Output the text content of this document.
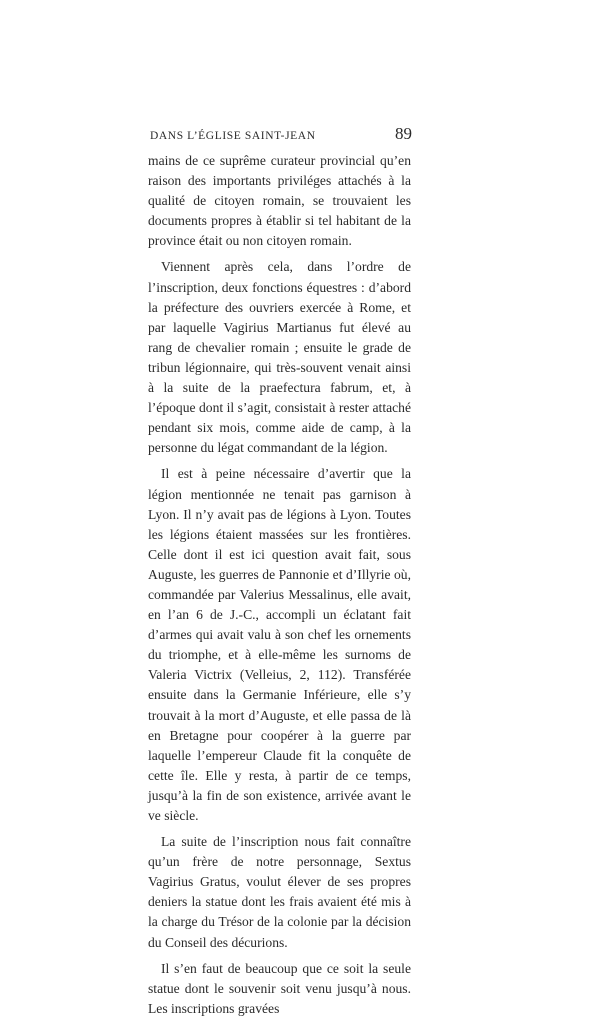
DANS L’ÉGLISE SAINT-JEAN	89

mains de ce suprême curateur provincial qu’en raison des importants priviléges attachés à la qualité de citoyen romain, se trouvaient les documents propres à établir si tel habitant de la province était ou non citoyen romain.

Viennent après cela, dans l’ordre de l’inscription, deux fonctions équestres : d’abord la préfecture des ouvriers exercée à Rome, et par laquelle Vagirius Martianus fut élevé au rang de chevalier romain ; ensuite le grade de tribun légionnaire, qui très-souvent venait ainsi à la suite de la praefectura fabrum, et, à l’époque dont il s’agit, consistait à rester attaché pendant six mois, comme aide de camp, à la personne du légat commandant de la légion.

Il est à peine nécessaire d’avertir que la légion mentionnée ne tenait pas garnison à Lyon. Il n’y avait pas de légions à Lyon. Toutes les légions étaient massées sur les frontières. Celle dont il est ici question avait fait, sous Auguste, les guerres de Pannonie et d’Illyrie où, commandée par Valerius Messalinus, elle avait, en l’an 6 de J.-C., accompli un éclatant fait d’armes qui avait valu à son chef les ornements du triomphe, et à elle-même les surnoms de Valeria Victrix (Velleius, 2, 112). Transférée ensuite dans la Germanie Inférieure, elle s’y trouvait à la mort d’Auguste, et elle passa de là en Bretagne pour coopérer à la guerre par laquelle l’empereur Claude fit la conquête de cette île. Elle y resta, à partir de ce temps, jusqu’à la fin de son existence, arrivée avant le ve siècle.

La suite de l’inscription nous fait connaître qu’un frère de notre personnage, Sextus Vagirius Gratus, voulut élever de ses propres deniers la statue dont les frais avaient été mis à la charge du Trésor de la colonie par la décision du Conseil des décurions.

Il s’en faut de beaucoup que ce soit la seule statue dont le souvenir soit venu jusqu’à nous. Les inscriptions gravées
